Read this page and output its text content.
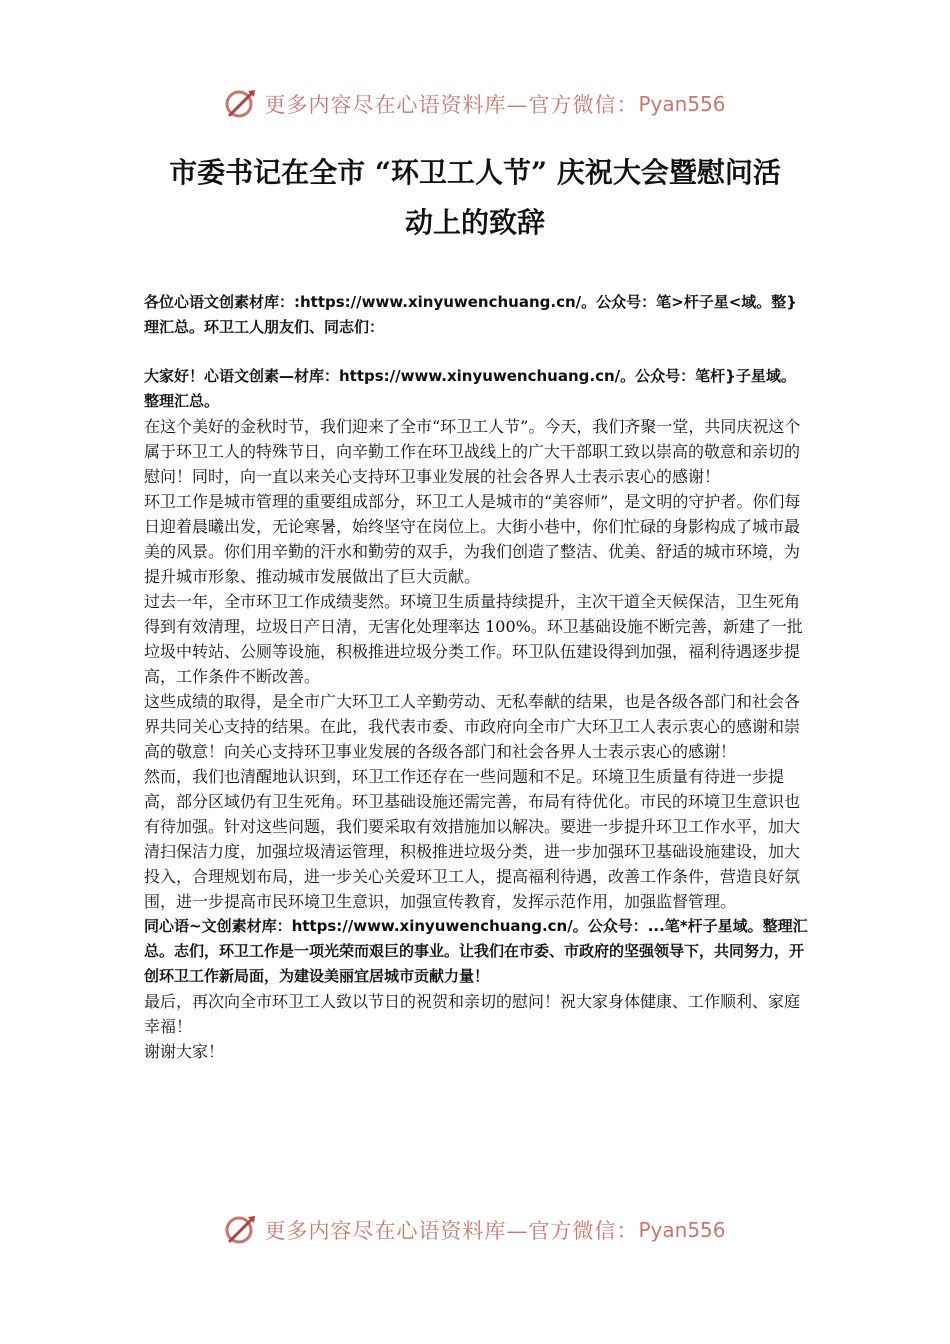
更多内容尽在心语资料库—官方微信： Pyan556
市委书记在全市 “环卫工人节” 庆祝大会暨慰问活
动上的致辞

各位心语文创素材库：:https://www.xinyuwenchuang.cn/。公众号：笔>杆子星<域。整}理汇总。环卫工人朋友们、同志们：

大家好！心语文创素—材库：https://www.xinyuwenchuang.cn/。公众号：笔杆}子星域。整理汇总。

在这个美好的金秋时节，我们迎来了全市“环卫工人节”。今天，我们齐聚一堂，共同庆祝这个属于环卫工人的特殊节日，向辛勤工作在环卫战线上的广大干部职工致以崇高的敬意和亲切的慰问！同时，向一直以来关心支持环卫事业发展的社会各界人士表示衷心的感谢！

环卫工作是城市管理的重要组成部分，环卫工人是城市的“美容师”，是文明的守护者。你们每日迎着晨曦出发，无论寒暑，始终坚守在岗位上。大街小巷中，你们忙碌的身影构成了城市最美的风景。你们用辛勤的汗水和勤劳的双手，为我们创造了整洁、优美、舒适的城市环境，为提升城市形象、推动城市发展做出了巨大贡献。

过去一年，全市环卫工作成绩斐然。环境卫生质量持续提升，主次干道全天候保洁，卫生死角得到有效清理，垃圾日产日清，无害化处理率达 100%。环卫基础设施不断完善，新建了一批垃圾中转站、公厕等设施，积极推进垃圾分类工作。环卫队伍建设得到加强，福利待遇逐步提高，工作条件不断改善。

这些成绩的取得，是全市广大环卫工人辛勤劳动、无私奉献的结果，也是各级各部门和社会各界共同关心支持的结果。在此，我代表市委、市政府向全市广大环卫工人表示衷心的感谢和崇高的敬意！向关心支持环卫事业发展的各级各部门和社会各界人士表示衷心的感谢！

然而，我们也清醒地认识到，环卫工作还存在一些问题和不足。环境卫生质量有待进一步提高，部分区域仍有卫生死角。环卫基础设施还需完善，布局有待优化。市民的环境卫生意识也有待加强。针对这些问题，我们要采取有效措施加以解决。要进一步提升环卫工作水平，加大清扫保洁力度，加强垃圾清运管理，积极推进垃圾分类，进一步加强环卫基础设施建设，加大投入，合理规划布局，进一步关心关爱环卫工人，提高福利待遇，改善工作条件，营造良好氛围，进一步提高市民环境卫生意识，加强宣传教育，发挥示范作用，加强监督管理。

同心语~文创素材库：https://www.xinyuwenchuang.cn/。公众号：...笔*杆子星域。整理汇总。志们，环卫工作是一项光荣而艰巨的事业。让我们在市委、市政府的坚强领导下，共同努力，开创环卫工作新局面，为建设美丽宜居城市贡献力量！

最后，再次向全市环卫工人致以节日的祝贺和亲切的慰问！祝大家身体健康、工作顺利、家庭幸福！

谢谢大家！

更多内容尽在心语资料库—官方微信： Pyan556
